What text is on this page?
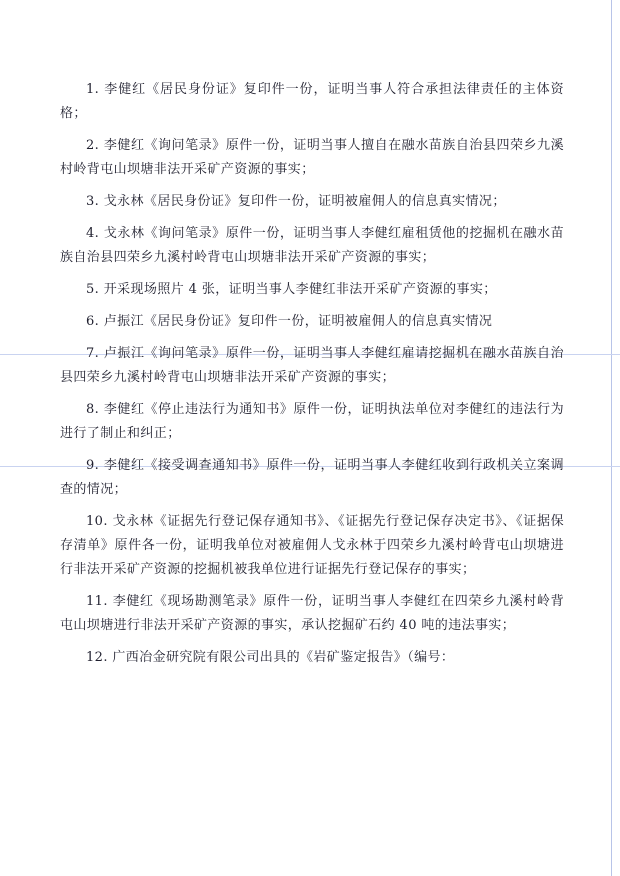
1. 李健红《居民身份证》复印件一份，证明当事人符合承担法律责任的主体资格；

2. 李健红《询问笔录》原件一份，证明当事人擅自在融水苗族自治县四荣乡九溪村岭背屯山坝塘非法开采矿产资源的事实；

3. 戈永林《居民身份证》复印件一份，证明被雇佣人的信息真实情况；

4. 戈永林《询问笔录》原件一份，证明当事人李健红雇租赁他的挖掘机在融水苗族自治县四荣乡九溪村岭背屯山坝塘非法开采矿产资源的事实；

5. 开采现场照片 4 张，证明当事人李健红非法开采矿产资源的事实；

6. 卢振江《居民身份证》复印件一份，证明被雇佣人的信息真实情况

7. 卢振江《询问笔录》原件一份，证明当事人李健红雇请挖掘机在融水苗族自治县四荣乡九溪村岭背屯山坝塘非法开采矿产资源的事实；

8. 李健红《停止违法行为通知书》原件一份，证明执法单位对李健红的违法行为进行了制止和纠正；

9. 李健红《接受调查通知书》原件一份，证明当事人李健红收到行政机关立案调查的情况；

10. 戈永林《证据先行登记保存通知书》、《证据先行登记保存决定书》、《证据保存清单》原件各一份，证明我单位对被雇佣人戈永林于四荣乡九溪村岭背屯山坝塘进行非法开采矿产资源的挖掘机被我单位进行证据先行登记保存的事实；

11. 李健红《现场勘测笔录》原件一份，证明当事人李健红在四荣乡九溪村岭背屯山坝塘进行非法开采矿产资源的事实，承认挖掘矿石约 40 吨的违法事实；

12. 广西冶金研究院有限公司出具的《岩矿鉴定报告》（编号：
